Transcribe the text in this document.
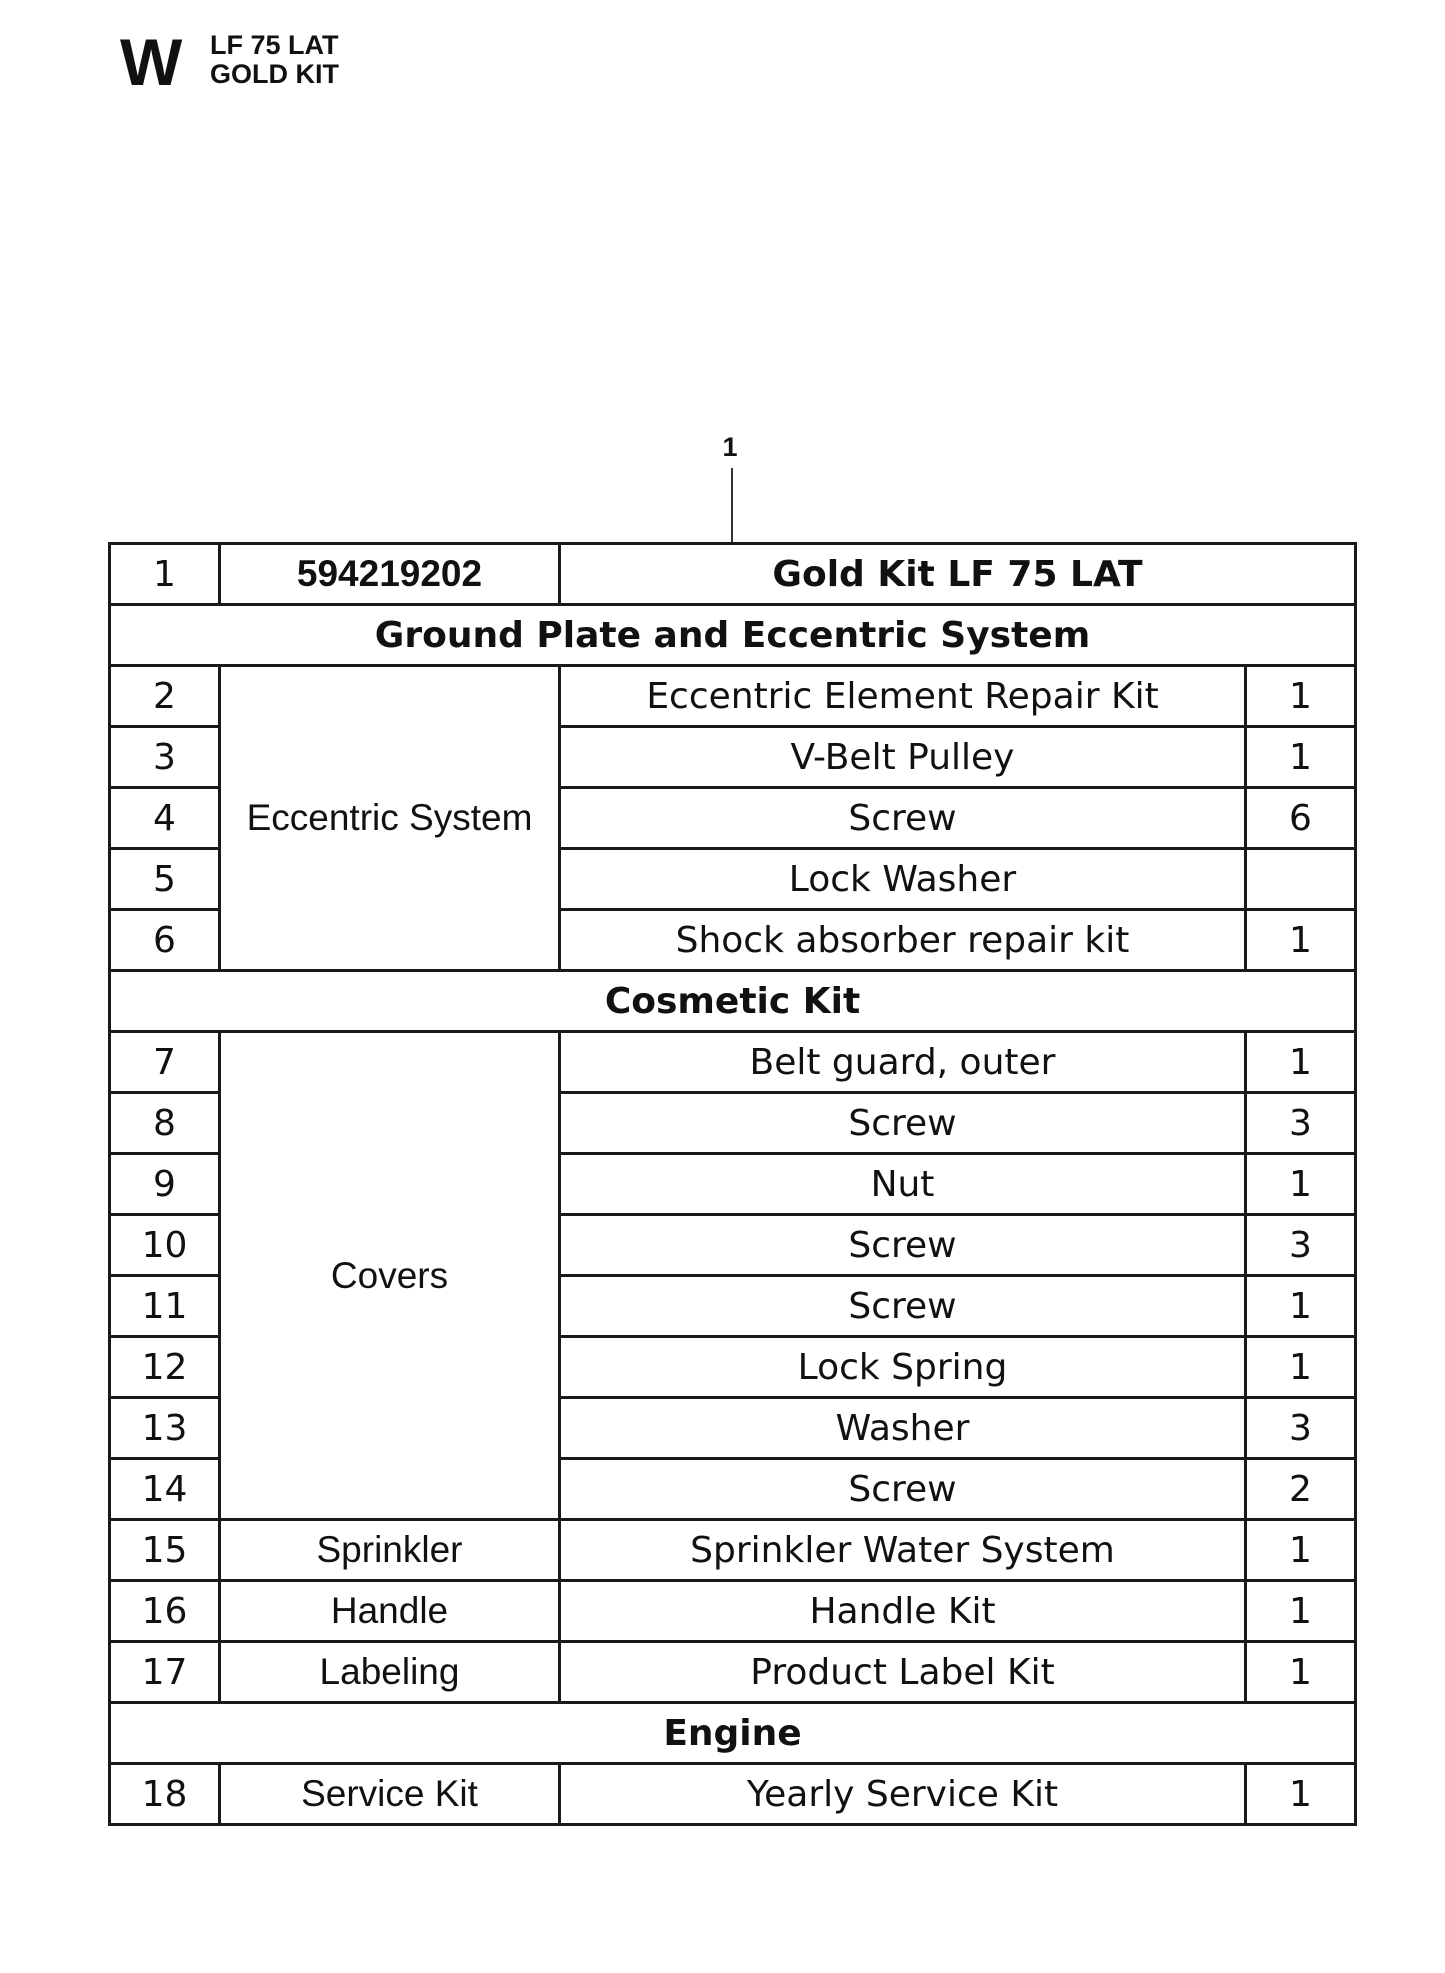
W LF 75 LAT
GOLD KIT
1
1	594219202	Gold Kit LF 75 LAT	
Ground Plate and Eccentric System			
2	Eccentric System	Eccentric Element Repair Kit	1
3		V-Belt Pulley	1
4		Screw	6
5		Lock Washer	
6		Shock absorber repair kit	1
Cosmetic Kit			
7	Covers	Belt guard, outer	1
8		Screw	3
9		Nut	1
10		Screw	3
11		Screw	1
12		Lock Spring	1
13		Washer	3
14		Screw	2
15	Sprinkler	Sprinkler Water System	1
16	Handle	Handle Kit	1
17	Labeling	Product Label Kit	1
Engine			
18	Service Kit	Yearly Service Kit	1
